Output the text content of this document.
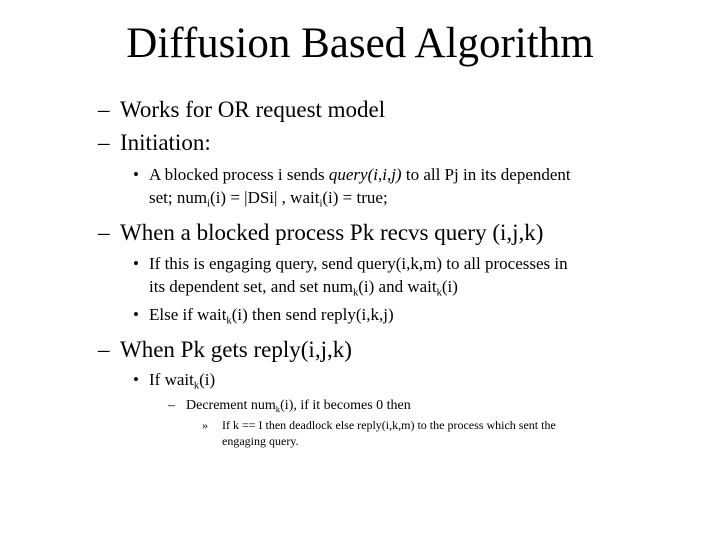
Diffusion Based Algorithm
– Works for OR request model
– Initiation:
• A blocked process i sends query(i,i,j) to all Pj in its dependent
set; num$_i$(i) = |DSi| , wait$_i$(i) = true;
– When a blocked process Pk recvs query (i,j,k)
• If this is engaging query, send query(i,k,m) to all processes in
its dependent set, and set num$_k$(i) and wait$_k$(i)
• Else if wait$_k$(i) then send reply(i,k,j)
– When Pk gets reply(i,j,k)
• If wait$_k$(i)
– Decrement num$_k$(i), if it becomes 0 then
» If k == I then deadlock else reply(i,k,m) to the process which sent the
engaging query.
